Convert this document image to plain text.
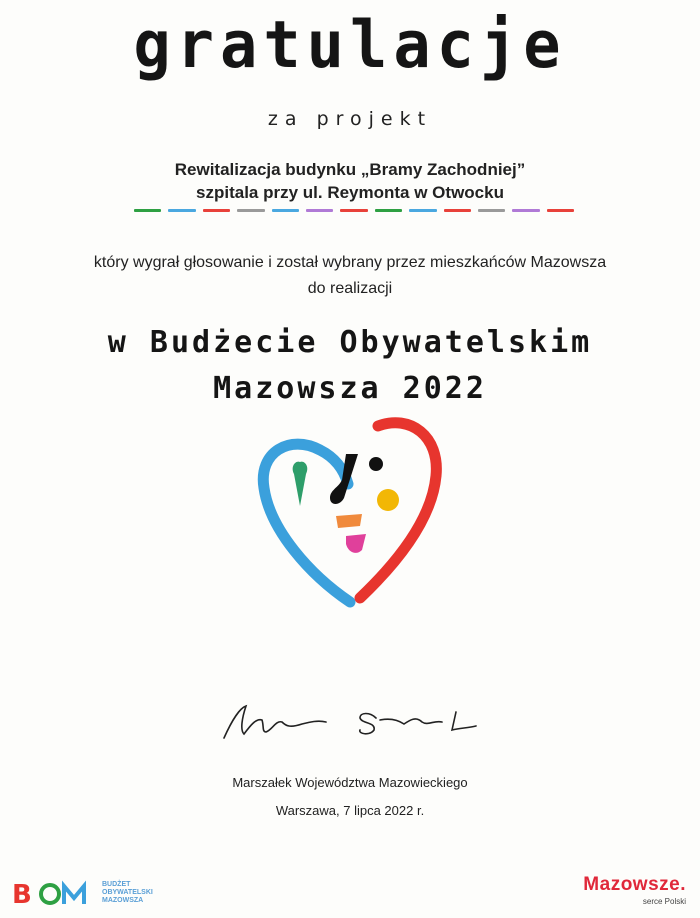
gratulacje
za projekt
Rewitalizacja budynku „Bramy Zachodniej”
szpitala przy ul. Reymonta w Otwocku
który wygrał głosowanie i został wybrany przez mieszkańców Mazowsza
do realizacji
w Budżecie Obywatelskim
Mazowsza 2022
Marszałek Województwa Mazowieckiego
Warszawa, 7 lipca 2022 r.
B	BUDŻET
OBYWATELSKI
MAZOWSZA
Mazowsze.
serce Polski
